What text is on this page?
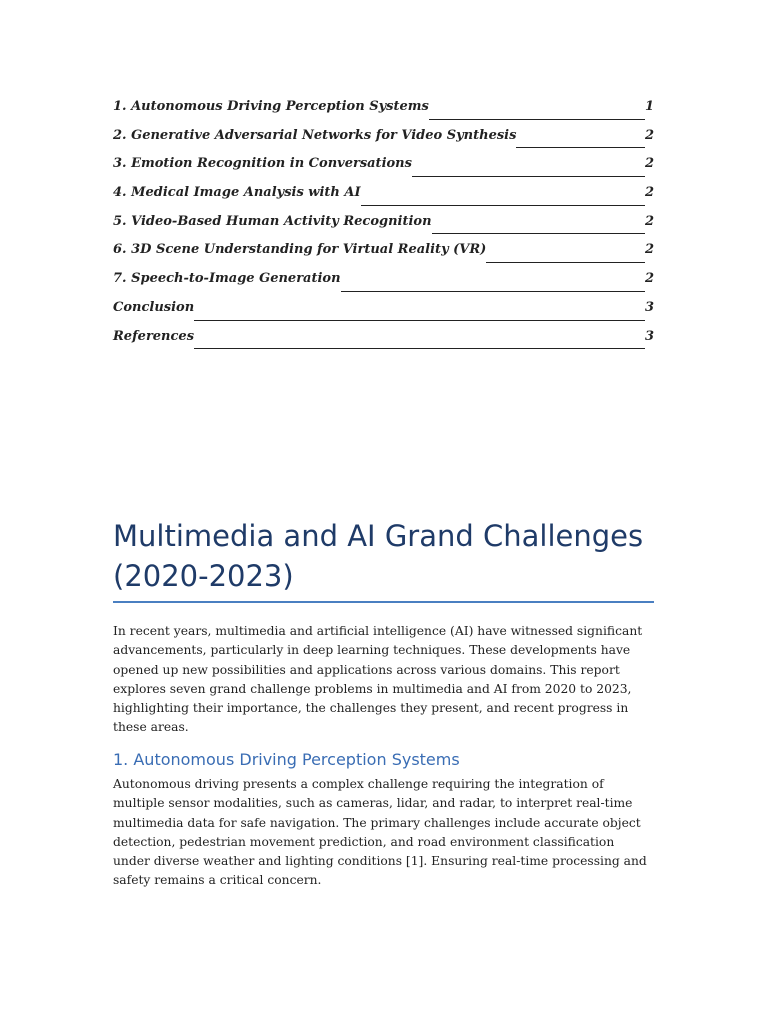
1. Autonomous Driving Perception Systems	1
2. Generative Adversarial Networks for Video Synthesis	2
3. Emotion Recognition in Conversations	2
4. Medical Image Analysis with AI	2
5. Video-Based Human Activity Recognition	2
6. 3D Scene Understanding for Virtual Reality (VR)	2
7. Speech-to-Image Generation	2
Conclusion	3
References	3
Multimedia and AI Grand Challenges (2020-2023)

In recent years, multimedia and artificial intelligence (AI) have witnessed significant advancements, particularly in deep learning techniques. These developments have opened up new possibilities and applications across various domains. This report explores seven grand challenge problems in multimedia and AI from 2020 to 2023, highlighting their importance, the challenges they present, and recent progress in these areas.

1. Autonomous Driving Perception Systems

Autonomous driving presents a complex challenge requiring the integration of multiple sensor modalities, such as cameras, lidar, and radar, to interpret real-time multimedia data for safe navigation. The primary challenges include accurate object detection, pedestrian movement prediction, and road environment classification under diverse weather and lighting conditions [1]. Ensuring real-time processing and safety remains a critical concern.
